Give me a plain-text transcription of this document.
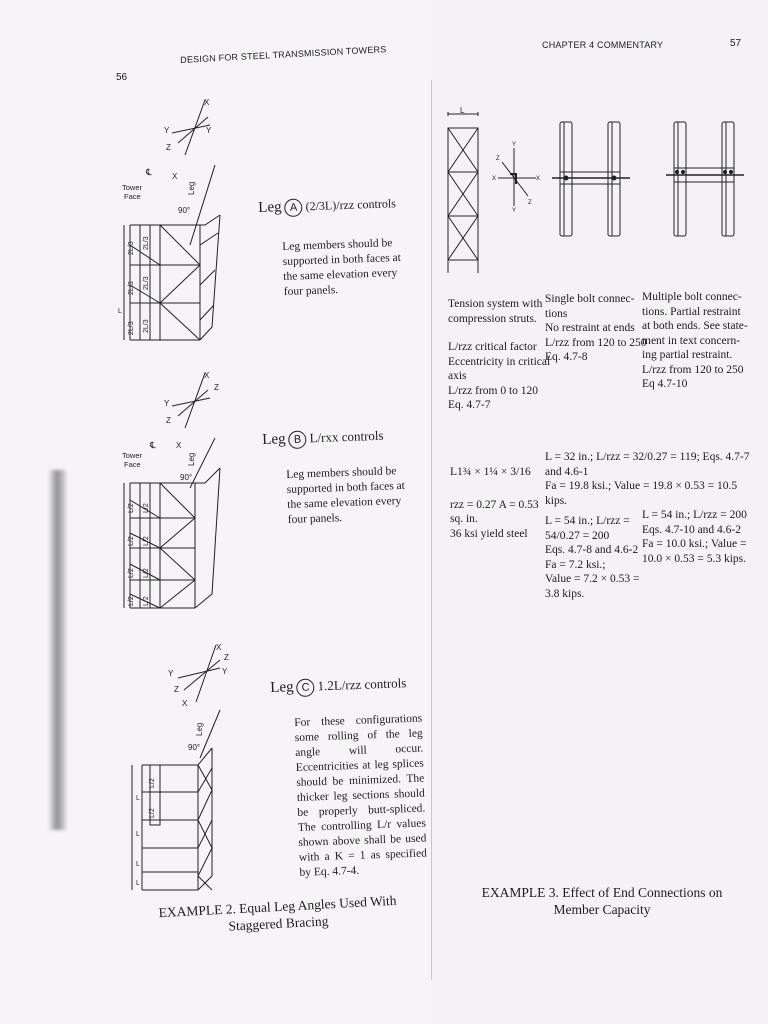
56
DESIGN FOR STEEL TRANSMISSION TOWERS
X
Y	Y
Z
X
℄
Tower Face
Leg
90°
2L/3
2L/3
2L/3
2L/3
2L/3
2L/3
L
Leg A (2/3L)/rzz controls
Leg members should be supported in both faces at the same elevation every four panels.
X
Y
Z
Z
℄
Tower Face
X
Leg
90°
L/2
L/2
L/2
L/2
L/2
L/2
L/2
L/2
Leg B L/rxx controls
Leg members should be supported in both faces at the same elevation every four panels.
X
Y
Z
Y
Z
X
Leg
90°
L/2
L/2
L
L
L
L
Leg C 1.2L/rzz controls
For these configurations some rolling of the leg angle will occur. Eccentricities at leg splices should be minimized. The thicker leg sections should be properly butt-spliced. The controlling L/r values shown above shall be used with a K = 1 as specified by Eq. 4.7-4.
EXAMPLE 2. Equal Leg Angles Used With Staggered Bracing
CHAPTER 4 COMMENTARY	57
L
X	X
Y
Y
Z
Z
Tension system with
compression struts.
L/rzz critical factor
Eccentricity in critical
axis
L/rzz from 0 to 120
Eq. 4.7-7
Single bolt connec-
tions
No restraint at ends
L/rzz from 120 to 250
Eq. 4.7-8
Multiple bolt connec-
tions. Partial restraint
at both ends. See state-
ment in text concern-
ing partial restraint.
L/rzz from 120 to 250
Eq 4.7-10
L1¾ × 1¼ × 3/16
rzz = 0.27 A = 0.53
sq. in.
36 ksi yield steel
L = 32 in.; L/rzz = 32/0.27 = 119; Eqs. 4.7-7
and 4.6-1
Fa = 19.8 ksi.; Value = 19.8 × 0.53 = 10.5
kips.
L = 54 in.; L/rzz =
54/0.27 = 200
Eqs. 4.7-8 and 4.6-2
Fa = 7.2 ksi.;
Value = 7.2 × 0.53 =
3.8 kips.
L = 54 in.; L/rzz = 200
Eqs. 4.7-10 and 4.6-2
Fa = 10.0 ksi.; Value =
10.0 × 0.53 = 5.3 kips.
EXAMPLE 3. Effect of End Connections on Member Capacity
